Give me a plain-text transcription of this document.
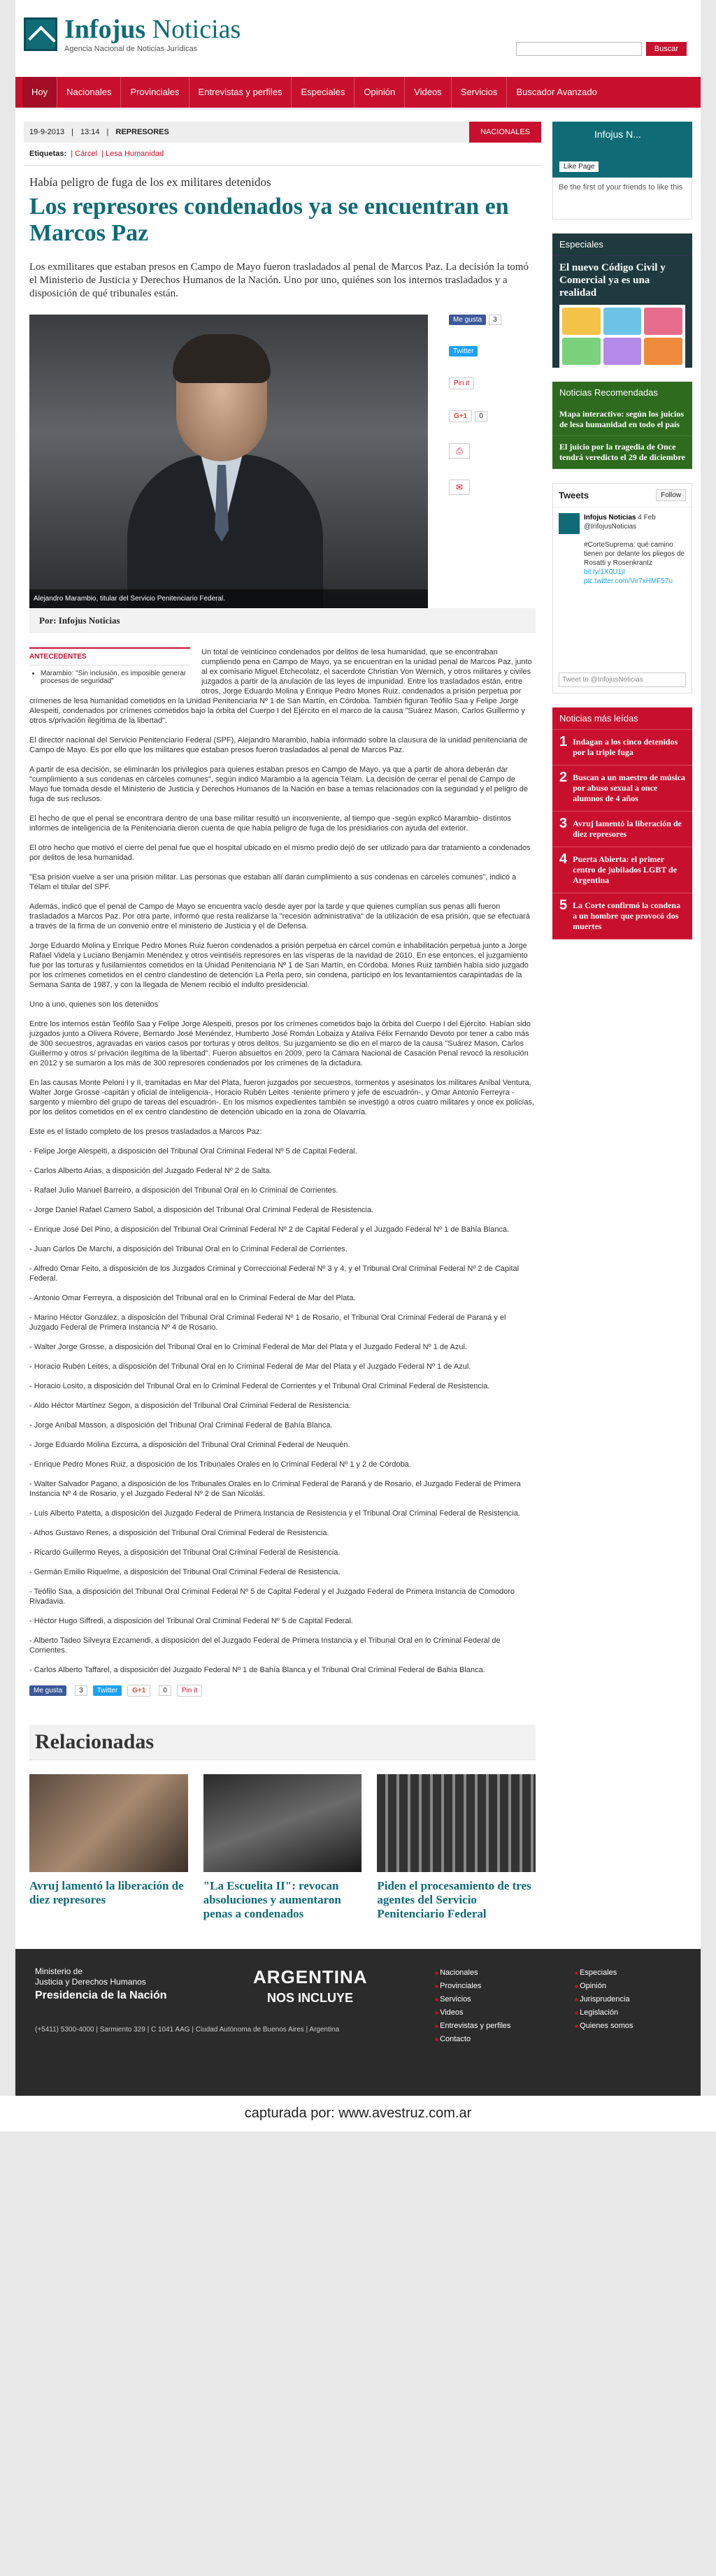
Infojus Noticias
Agencia Nacional de Noticias Jurídicas	Buscar
Hoy	Nacionales	Provinciales	Entrevistas y perfiles	Especiales	Opinión	Videos	Servicios	Buscador Avanzado
19-9-2013 | 13:14 | REPRESORES	NACIONALES
Etiquetas:  | Cárcel  | Lesa Humanidad
Había peligro de fuga de los ex militares detenidos
Los represores condenados ya se encuentran en Marcos Paz

Los exmilitares que estaban presos en Campo de Mayo fueron trasladados al penal de Marcos Paz. La decisión la tomó el Ministerio de Justicia y Derechos Humanos de la Nación. Uno por uno, quiénes son los internos trasladados y a disposición de qué tribunales están.

Alejandro Marambio, titular del Servicio Penitenciario Federal.
Me gusta	3
Twitter
Pin it
G+1	0
⎙
✉
Por: Infojus Noticias
ANTECEDENTES
• Marambio: "Sin inclusión, es imposible generar procesos de seguridad"

Un total de veinticinco condenados por delitos de lesa humanidad, que se encontraban cumpliendo pena en Campo de Mayo, ya se encuentran en la unidad penal de Marcos Paz, junto al ex comisario Miguel Etchecolatz, el sacerdote Christian Von Wernich, y otros militares y civiles juzgados a partir de la anulación de las leyes de impunidad. Entre los trasladados están, entre otros, Jorge Eduardo Molina y Enrique Pedro Mones Ruiz, condenados a prisión perpetua por crímenes de lesa humanidad cometidos en la Unidad Penitenciaria Nº 1 de San Martín, en Córdoba. También figuran Teófilo Saa y Felipe Jorge Alespeiti, condenados por crímenes cometidos bajo la órbita del Cuerpo I del Ejército en el marco de la causa "Suárez Mason, Carlos Guillermo y otros s/privación ilegítima de la libertad".

El director nacional del Servicio Penitenciario Federal (SPF), Alejandro Marambio, había informado sobre la clausura de la unidad penitenciaria de Campo de Mayo. Es por ello que los militares que estaban presos fueron trasladados al penal de Marcos Paz.

A partir de esa decisión, se eliminarán los privilegios para quienes estaban presos en Campo de Mayo, ya que a partir de ahora deberán dar "cumplimiento a sus condenas en cárceles comunes", según indicó Marambio a la agencia Télam. La decisión de cerrar el penal de Campo de Mayo fue tomada desde el Ministerio de Justicia y Derechos Humanos de la Nación en base a temas relacionados con la seguridad y el peligro de fuga de sus reclusos.

El hecho de que el penal se encontrara dentro de una base militar resultó un inconveniente, al tiempo que -según explicó Marambio- distintos informes de inteligencia de la Penitenciaria dieron cuenta de que había peligro de fuga de los presidiarios con ayuda del exterior.

El otro hecho que motivó el cierre del penal fue que el hospital ubicado en el mismo predio dejó de ser utilizado para dar tratamiento a condenados por delitos de lesa humanidad.

"Esa prisión vuelve a ser una prisión militar. Las personas que estaban allí darán cumplimiento a sus condenas en cárceles comunes", indicó a Télam el titular del SPF.

Además, indicó que el penal de Campo de Mayo se encuentra vacío desde ayer por la tarde y que quienes cumplían sus penas allí fueron trasladados a Marcos Paz. Por otra parte, informó que resta realizarse la "recesión administrativa" de la utilización de esa prisión, que se efectuará a través de la firma de un convenio entre el ministerio de Justicia y el de Defensa.

Jorge Eduardo Molina y Enrique Pedro Mones Ruiz fueron condenados a prisión perpetua en cárcel común e inhabilitación perpetua junto a Jorge Rafael Videla y Luciano Benjamín Menéndez y otros veintiséis represores en las vísperas de la navidad de 2010. En ese entonces, el juzgamiento fue por las torturas y fusilamientos cometidos en la Unidad Penitenciaria Nº 1 de San Martín, en Córdoba. Mones Ruiz también había sido juzgado por los crímenes cometidos en el centro clandestino de detención La Perla pero, sin condena, participó en los levantamientos carapintadas de la Semana Santa de 1987, y con la llegada de Menem recibió el indulto presidencial.

Uno a uno, quienes son los detenidos

Entre los internos están Teófilo Saa y Felipe Jorge Alespeiti, presos por los crímenes cometidos bajo la órbita del Cuerpo I del Ejército. Habían sido juzgados junto a Olivera Róvere, Bernardo José Menéndez, Humberto José Román Lobaiza y Ataliva Félix Fernando Devoto por tener a cabo más de 300 secuestros, agravadas en varios casos por torturas y otros delitos. Su juzgamiento se dio en el marco de la causa "Suárez Mason, Carlos Guillermo y otros s/ privación ilegítima de la libertad". Fueron absueltos en 2009, pero la Cámara Nacional de Casación Penal revocó la resolución en 2012 y se sumaron a los más de 300 represores condenados por los crímenes de la dictadura.

En las causas Monte Peloni I y II, tramitadas en Mar del Plata, fueron juzgados por secuestros, tormentos y asesinatos los militares Aníbal Ventura, Walter Jorge Grosse -capitán y oficial de inteligencia-, Horacio Rubén Leites -teniente primero y jefe de escuadrón-, y Omar Antonio Ferreyra -sargento y miembro del grupo de tareas del escuadrón-. En los mismos expedientes también se investigó a otros cuatro militares y once ex policías, por los delitos cometidos en el ex centro clandestino de detención ubicado en la zona de Olavarría.

Este es el listado completo de los presos trasladados a Marcos Paz:

- Felipe Jorge Alespeiti, a disposición del Tribunal Oral Criminal Federal Nº 5 de Capital Federal.

- Carlos Alberto Arias, a disposición del Juzgado Federal Nº 2 de Salta.

- Rafael Julio Manuel Barreiro, a disposición del Tribunal Oral en lo Criminal de Corrientes.

- Jorge Daniel Rafael Camero Sabol, a disposición del Tribunal Oral Criminal Federal de Resistencia.

- Enrique José Del Pino, a disposición del Tribunal Oral Criminal Federal Nº 2 de Capital Federal y el Juzgado Federal Nº 1 de Bahía Blanca.

- Juan Carlos De Marchi, a disposición del Tribunal Oral en lo Criminal Federal de Corrientes.

- Alfredo Omar Feito, a disposición de los Juzgados Criminal y Correccional Federal Nº 3 y 4, y el Tribunal Oral Criminal Federal Nº 2 de Capital Federal.

- Antonio Omar Ferreyra, a disposición del Tribunal oral en lo Criminal Federal de Mar del Plata.

- Marino Héctor González, a disposición del Tribunal Oral Criminal Federal Nº 1 de Rosario, el Tribunal Oral Criminal Federal de Paraná y el Juzgado Federal de Primera Instancia Nº 4 de Rosario.

- Walter Jorge Grosse, a disposición del Tribunal Oral en lo Criminal Federal de Mar del Plata y el Juzgado Federal Nº 1 de Azul.

- Horacio Rubén Leites, a disposición del Tribunal Oral en lo Criminal Federal de Mar del Plata y el Juzgado Federal Nº 1 de Azul.

- Horacio Losito, a disposición del Tribunal Oral en lo Criminal Federal de Corrientes y el Tribunal Oral Criminal Federal de Resistencia.

- Aldo Héctor Martínez Segon, a disposición del Tribunal Oral Criminal Federal de Resistencia.

- Jorge Aníbal Masson, a disposición del Tribunal Oral Criminal Federal de Bahía Blanca.

- Jorge Eduardo Molina Ezcurra, a disposición del Tribunal Oral Criminal Federal de Neuquén.

- Enrique Pedro Mones Ruiz, a disposición de los Tribunales Orales en lo Criminal Federal Nº 1 y 2 de Córdoba.

- Walter Salvador Pagano, a disposición de los Tribunales Orales en lo Criminal Federal de Paraná y de Rosario, el Juzgado Federal de Primera Instancia Nº 4 de Rosario, y el Juzgado Federal Nº 2 de San Nicolás.

- Luis Alberto Patetta, a disposición del Juzgado Federal de Primera Instancia de Resistencia y el Tribunal Oral Criminal Federal de Resistencia.

- Athos Gustavo Renes, a disposición del Tribunal Oral Criminal Federal de Resistencia.

- Ricardo Guillermo Reyes, a disposición del Tribunal Oral Criminal Federal de Resistencia.

- Germán Emilio Riquelme, a disposición del Tribunal Oral Criminal Federal de Resistencia.

- Teófilo Saa, a disposición del Tribunal Oral Criminal Federal Nº 5 de Capital Federal y el Juzgado Federal de Primera Instancia de Comodoro Rivadavia.

- Héctor Hugo Siffredi, a disposición del Tribunal Oral Criminal Federal Nº 5 de Capital Federal.

- Alberto Tadeo Silveyra Ezcamendi, a disposición del el Juzgado Federal de Primera Instancia y el Tribunal Oral en lo Criminal Federal de Corrientes.

- Carlos Alberto Taffarel, a disposición del Juzgado Federal Nº 1 de Bahía Blanca y el Tribunal Oral Criminal Federal de Bahía Blanca.

Me gusta	3	Twitter	G+1	0	Pin it
Relacionadas
Avruj lamentó la liberación de diez represores
"La Escuelita II": revocan absoluciones y aumentaron penas a condenados
Piden el procesamiento de tres agentes del Servicio Penitenciario Federal
Infojus N...
Like Page
Be the first of your friends to like this
Especiales
El nuevo Código Civil y Comercial ya es una realidad
Noticias Recomendadas
Mapa interactivo: según los juicios de lesa humanidad en todo el país
El juicio por la tragedia de Once tendrá veredicto el 29 de diciembre
Tweets	Follow
Infojus Noticias 4 Feb
@InfojusNoticias

#CorteSuprema: qué camino tienen por delante los pliegos de Rosatti y Rosenkrantz bit.ly/1X0U1jI pic.twitter.com/Vir7xHMF57u
Tweet to @InfojusNoticias
Noticias más leídas
1 Indagan a los cinco detenidos por la triple fuga
2 Buscan a un maestro de música por abuso sexual a once alumnos de 4 años
3 Avruj lamentó la liberación de diez represores
4 Puerta Abierta: el primer centro de jubilados LGBT de Argentina
5 La Corte confirmó la condena a un hombre que provocó dos muertes
Ministerio de
Justicia y Derechos Humanos
Presidencia de la Nación
ARGENTINA
NOS INCLUYE
■ Nacionales
■ Provinciales
■ Servicios
■ Videos
■ Entrevistas y perfiles
■ Contacto
■ Especiales
■ Opinión
■ Jurisprudencia
■ Legislación
■ Quienes somos
(+5411) 5300-4000 | Sarmiento 329 | C 1041 AAG | Ciudad Autónoma de Buenos Aires | Argentina
capturada por: www.avestruz.com.ar
